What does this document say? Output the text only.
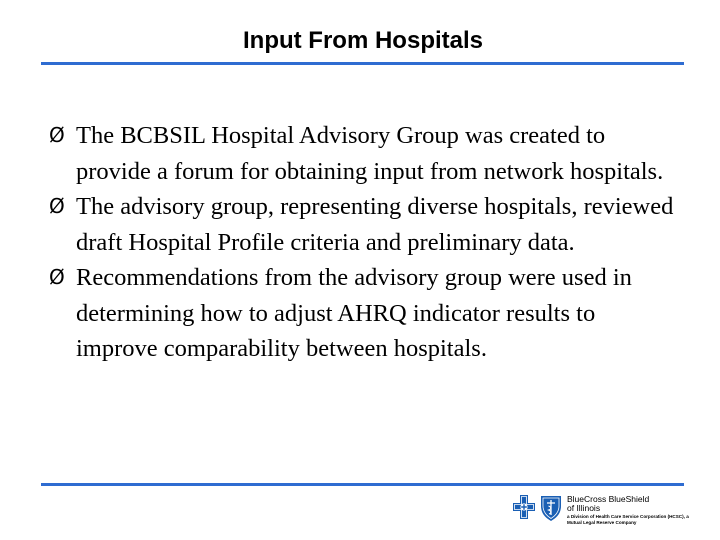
Input From Hospitals
Ø The BCBSIL Hospital Advisory Group was created to provide a forum for obtaining input from network hospitals.
Ø The advisory group, representing diverse hospitals, reviewed draft Hospital Profile criteria and preliminary data.
Ø Recommendations from the advisory group were used in determining how to adjust AHRQ indicator results to improve comparability between hospitals.
BlueCross BlueShield
of Illinois
a Division of Health Care Service Corporation (HCSC), a Mutual Legal Reserve Company
